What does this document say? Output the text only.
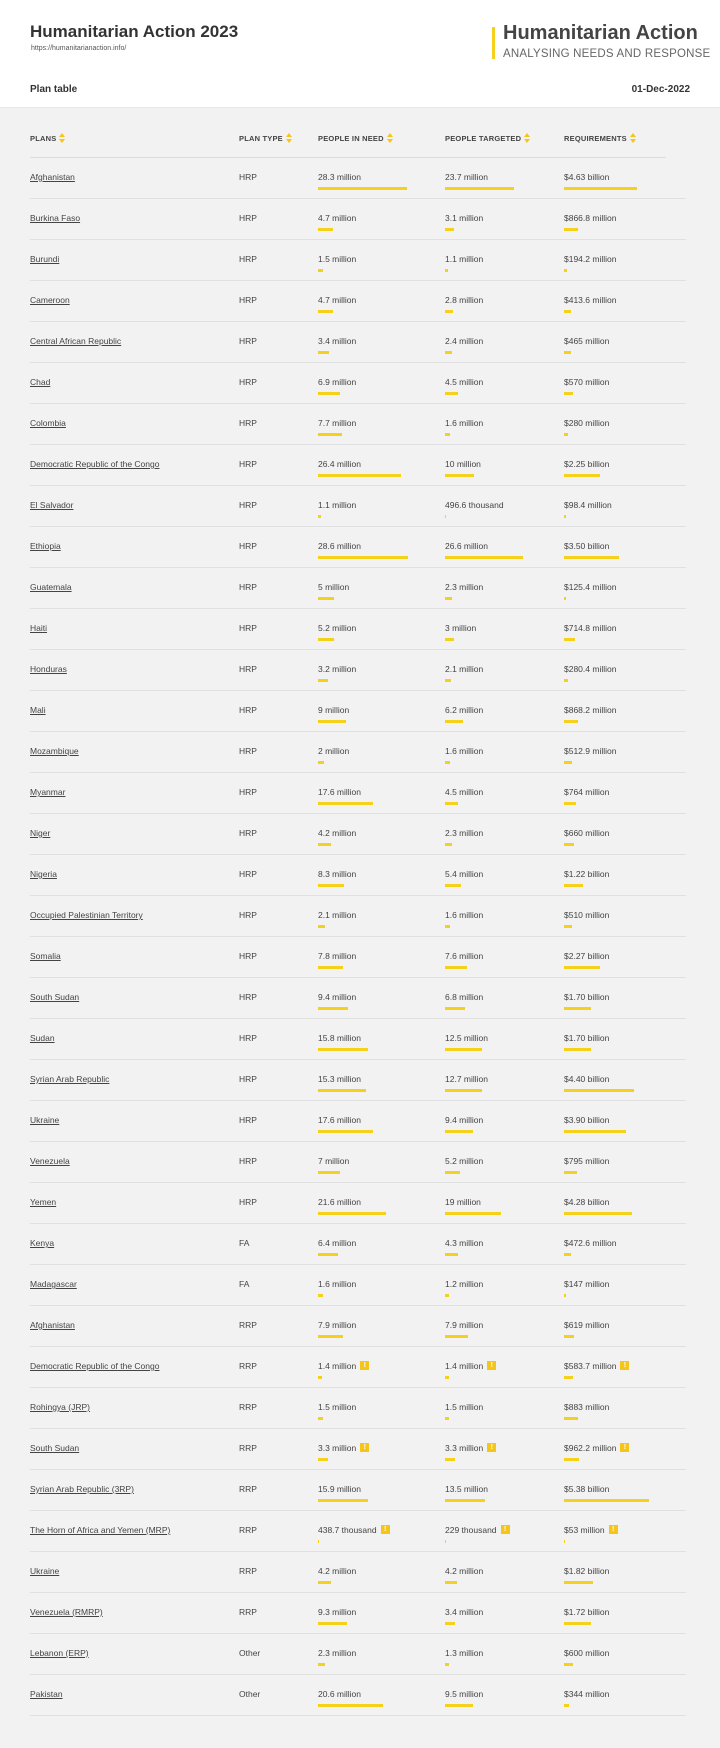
Humanitarian Action 2023
https://humanitarianaction.info/
Humanitarian Action
ANALYSING NEEDS AND RESPONSE
Plan table	01-Dec-2022
PLANS	PLAN TYPE	PEOPLE IN NEED	PEOPLE TARGETED	REQUIREMENTS
Afghanistan	HRP	28.3 million	23.7 million	$4.63 billion
Burkina Faso	HRP	4.7 million	3.1 million	$866.8 million
Burundi	HRP	1.5 million	1.1 million	$194.2 million
Cameroon	HRP	4.7 million	2.8 million	$413.6 million
Central African Republic	HRP	3.4 million	2.4 million	$465 million
Chad	HRP	6.9 million	4.5 million	$570 million
Colombia	HRP	7.7 million	1.6 million	$280 million
Democratic Republic of the Congo	HRP	26.4 million	10 million	$2.25 billion
El Salvador	HRP	1.1 million	496.6 thousand	$98.4 million
Ethiopia	HRP	28.6 million	26.6 million	$3.50 billion
Guatemala	HRP	5 million	2.3 million	$125.4 million
Haiti	HRP	5.2 million	3 million	$714.8 million
Honduras	HRP	3.2 million	2.1 million	$280.4 million
Mali	HRP	9 million	6.2 million	$868.2 million
Mozambique	HRP	2 million	1.6 million	$512.9 million
Myanmar	HRP	17.6 million	4.5 million	$764 million
Niger	HRP	4.2 million	2.3 million	$660 million
Nigeria	HRP	8.3 million	5.4 million	$1.22 billion
Occupied Palestinian Territory	HRP	2.1 million	1.6 million	$510 million
Somalia	HRP	7.8 million	7.6 million	$2.27 billion
South Sudan	HRP	9.4 million	6.8 million	$1.70 billion
Sudan	HRP	15.8 million	12.5 million	$1.70 billion
Syrian Arab Republic	HRP	15.3 million	12.7 million	$4.40 billion
Ukraine	HRP	17.6 million	9.4 million	$3.90 billion
Venezuela	HRP	7 million	5.2 million	$795 million
Yemen	HRP	21.6 million	19 million	$4.28 billion
Kenya	FA	6.4 million	4.3 million	$472.6 million
Madagascar	FA	1.6 million	1.2 million	$147 million
Afghanistan	RRP	7.9 million	7.9 million	$619 million
Democratic Republic of the Congo	RRP	1.4 million !	1.4 million !	$583.7 million !
Rohingya (JRP)	RRP	1.5 million	1.5 million	$883 million
South Sudan	RRP	3.3 million !	3.3 million !	$962.2 million !
Syrian Arab Republic (3RP)	RRP	15.9 million	13.5 million	$5.38 billion
The Horn of Africa and Yemen (MRP)	RRP	438.7 thousand !	229 thousand !	$53 million !
Ukraine	RRP	4.2 million	4.2 million	$1.82 billion
Venezuela (RMRP)	RRP	9.3 million	3.4 million	$1.72 billion
Lebanon (ERP)	Other	2.3 million	1.3 million	$600 million
Pakistan	Other	20.6 million	9.5 million	$344 million
